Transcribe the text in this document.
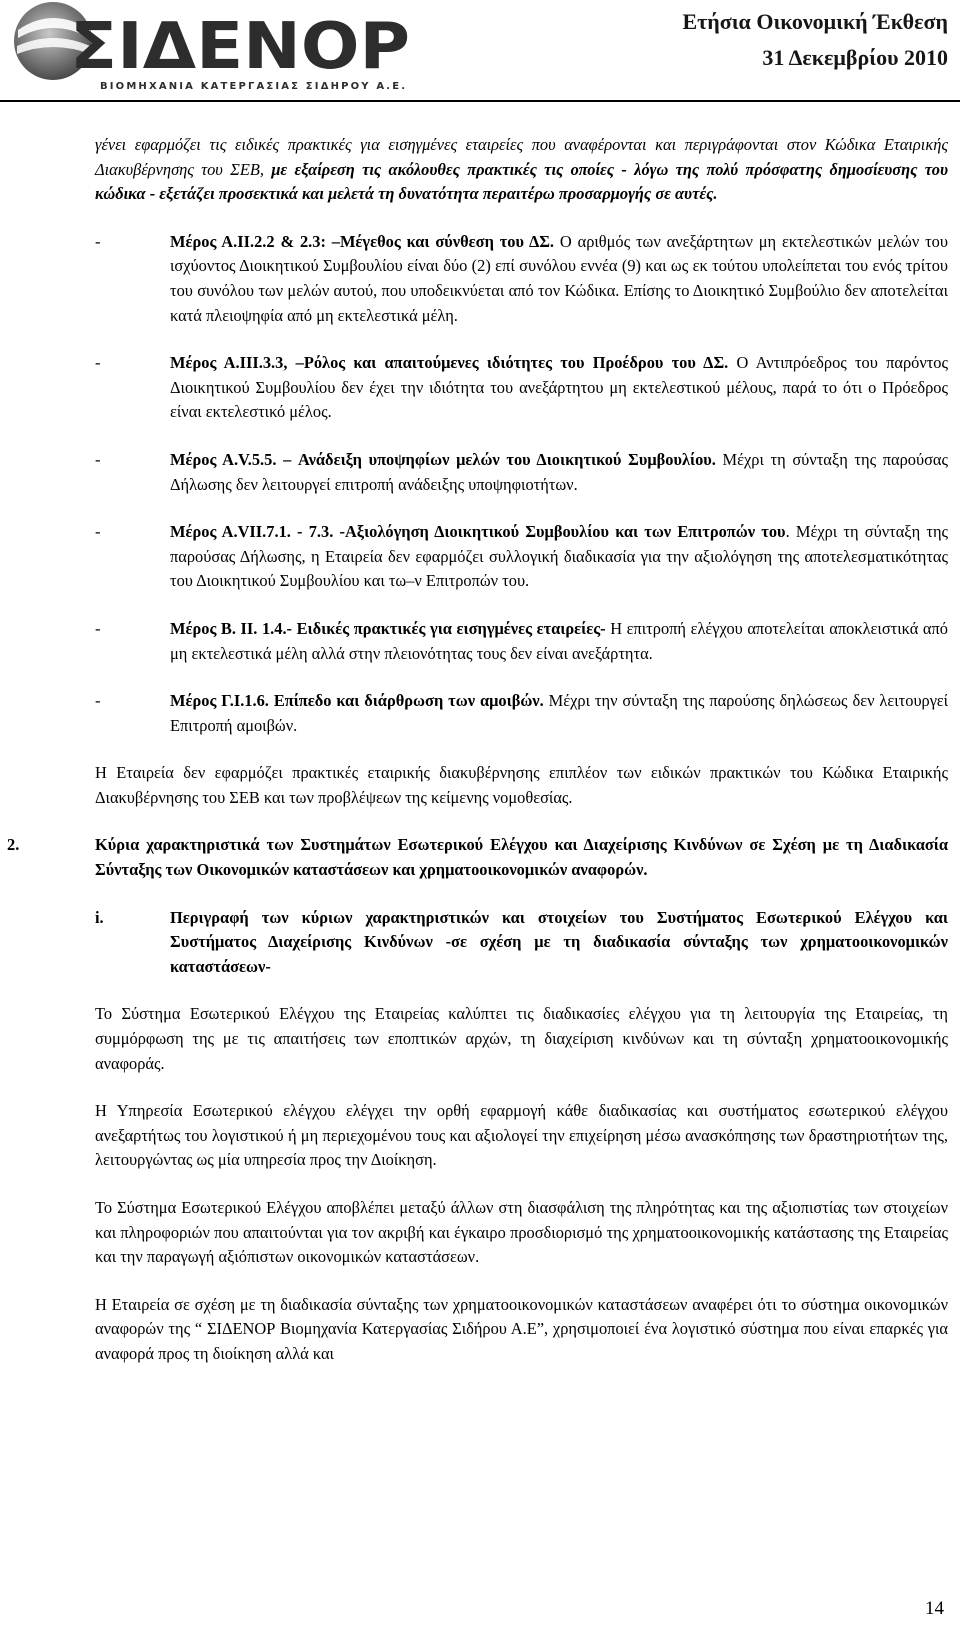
ΣΙΔΕΝΟΡ
ΒΙΟΜΗΧΑΝΙΑ ΚΑΤΕΡΓΑΣΙΑΣ ΣΙΔΗΡΟΥ Α.Ε.
Ετήσια Οικονομική Έκθεση
31 Δεκεμβρίου 2010

γένει εφαρμόζει τις ειδικές πρακτικές για εισηγμένες εταιρείες που αναφέρονται και περιγράφονται στον Κώδικα Εταιρικής Διακυβέρνησης του ΣΕΒ, με εξαίρεση τις ακόλουθες πρακτικές τις οποίες - λόγω της πολύ πρόσφατης δημοσίευσης του κώδικα - εξετάζει προσεκτικά και μελετά τη δυνατότητα περαιτέρω προσαρμογής σε αυτές.

-	Μέρος Α.ΙΙ.2.2 & 2.3: –Μέγεθος και σύνθεση του ΔΣ. Ο αριθμός των ανεξάρτητων μη εκτελεστικών μελών του ισχύοντος Διοικητικού Συμβουλίου είναι δύο (2) επί συνόλου εννέα (9) και ως εκ τούτου υπολείπεται του ενός τρίτου του συνόλου των μελών αυτού, που υποδεικνύεται από τον Κώδικα. Επίσης το Διοικητικό Συμβούλιο δεν αποτελείται κατά πλειοψηφία από μη εκτελεστικά μέλη.

-	Μέρος Α.ΙΙΙ.3.3, –Ρόλος και απαιτούμενες ιδιότητες του Προέδρου του ΔΣ. Ο Αντιπρόεδρος του παρόντος Διοικητικού Συμβουλίου δεν έχει την ιδιότητα του ανεξάρτητου μη εκτελεστικού μέλους, παρά το ότι ο Πρόεδρος είναι εκτελεστικό μέλος.

-	Μέρος Α.V.5.5. – Ανάδειξη υποψηφίων μελών του Διοικητικού Συμβουλίου. Μέχρι τη σύνταξη της παρούσας Δήλωσης δεν λειτουργεί επιτροπή ανάδειξης υποψηφιοτήτων.

-	Μέρος Α.VII.7.1. - 7.3. -Αξιολόγηση Διοικητικού Συμβουλίου και των Επιτροπών του. Μέχρι τη σύνταξη της παρούσας Δήλωσης, η Εταιρεία δεν εφαρμόζει συλλογική διαδικασία για την αξιολόγηση της αποτελεσματικότητας του Διοικητικού Συμβουλίου και τω–ν Επιτροπών του.

-	Μέρος Β. ΙΙ. 1.4.- Ειδικές πρακτικές για εισηγμένες εταιρείες- Η επιτροπή ελέγχου αποτελείται αποκλειστικά από μη εκτελεστικά μέλη αλλά στην πλειονότητας τους δεν είναι ανεξάρτητα.

-	Μέρος Γ.Ι.1.6. Επίπεδο και διάρθρωση των αμοιβών. Μέχρι την σύνταξη της παρούσης δηλώσεως δεν λειτουργεί Επιτροπή αμοιβών.

Η Εταιρεία δεν εφαρμόζει πρακτικές εταιρικής διακυβέρνησης επιπλέον των ειδικών πρακτικών του Κώδικα Εταιρικής Διακυβέρνησης του ΣΕΒ και των προβλέψεων της κείμενης νομοθεσίας.

2.	Κύρια χαρακτηριστικά των Συστημάτων Εσωτερικού Ελέγχου και Διαχείρισης Κινδύνων σε Σχέση με τη Διαδικασία Σύνταξης των Οικονομικών καταστάσεων και χρηματοοικονομικών αναφορών.

i.	Περιγραφή των κύριων χαρακτηριστικών και στοιχείων του Συστήματος Εσωτερικού Ελέγχου και Συστήματος Διαχείρισης Κινδύνων -σε σχέση με τη διαδικασία σύνταξης των χρηματοοικονομικών καταστάσεων-

Το Σύστημα Εσωτερικού Ελέγχου της Εταιρείας καλύπτει τις διαδικασίες ελέγχου για τη λειτουργία της Εταιρείας, τη συμμόρφωση της με τις απαιτήσεις των εποπτικών αρχών, τη διαχείριση κινδύνων και τη σύνταξη χρηματοοικονομικής αναφοράς.

Η Υπηρεσία Εσωτερικού ελέγχου ελέγχει την ορθή εφαρμογή κάθε διαδικασίας και συστήματος εσωτερικού ελέγχου ανεξαρτήτως του λογιστικού ή μη περιεχομένου τους και αξιολογεί την επιχείρηση μέσω ανασκόπησης των δραστηριοτήτων της, λειτουργώντας ως μία υπηρεσία προς την Διοίκηση.

Το Σύστημα Εσωτερικού Ελέγχου αποβλέπει μεταξύ άλλων στη διασφάλιση της πληρότητας και της αξιοπιστίας των στοιχείων και πληροφοριών που απαιτούνται για τον ακριβή και έγκαιρο προσδιορισμό της χρηματοοικονομικής κατάστασης της Εταιρείας και την παραγωγή αξιόπιστων οικονομικών καταστάσεων.

Η Εταιρεία σε σχέση με τη διαδικασία σύνταξης των χρηματοοικονομικών καταστάσεων αναφέρει ότι το σύστημα οικονομικών αναφορών της “ ΣΙΔΕΝΟΡ Βιομηχανία Κατεργασίας Σιδήρου Α.Ε”, χρησιμοποιεί ένα λογιστικό σύστημα που είναι επαρκές για αναφορά προς τη διοίκηση αλλά και

14
